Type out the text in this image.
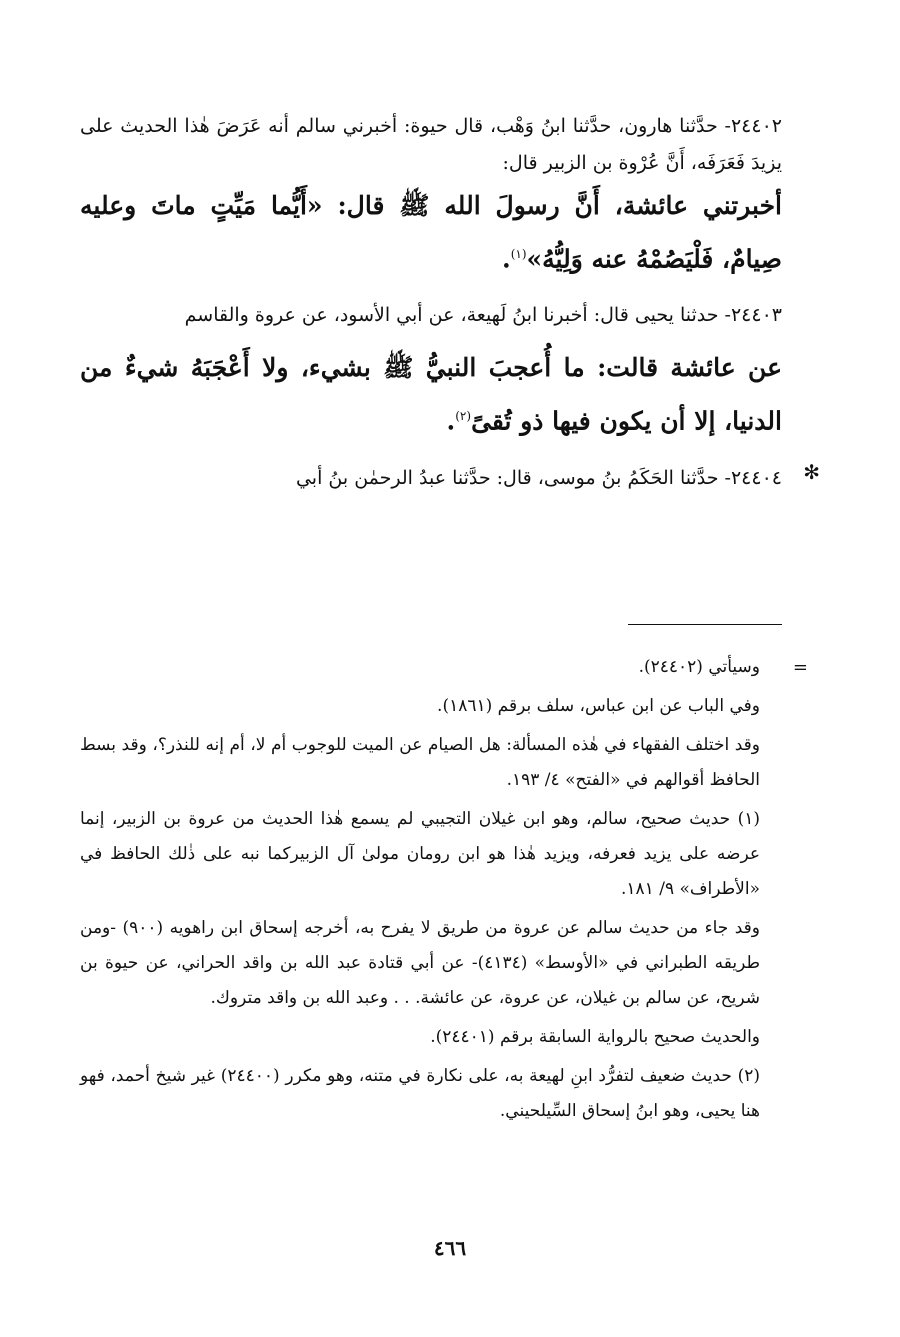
٢٤٤٠٢- حدَّثنا هارون، حدَّثنا ابنُ وَهْب، قال حيوة: أخبرني سالم أنه عَرَضَ هٰذا الحديث على يزيدَ فَعَرَفَه، أَنَّ عُرْوة بن الزبير قال:

أخبرتني عائشة، أَنَّ رسولَ الله ﷺ قال: «أَيُّما مَيِّتٍ ماتَ وعليه صِيامٌ، فَلْيَصُمْهُ عنه وَلِيُّهُ»$^{(١)}$.

٢٤٤٠٣- حدثنا يحيى قال: أخبرنا ابنُ لَهيعة، عن أبي الأسود، عن عروة والقاسم

عن عائشة قالت: ما أُعجبَ النبيُّ ﷺ بشيء، ولا أَعْجَبَهُ شيءٌ من الدنيا، إلا أن يكون فيها ذو تُقىً$^{(٢)}$.

✻

٢٤٤٠٤- حدَّثنا الحَكَمُ بنُ موسى، قال: حدَّثنا عبدُ الرحمٰن بنُ أبي

=

وسيأتي (٢٤٤٠٢).

وفي الباب عن ابن عباس، سلف برقم (١٨٦١).

وقد اختلف الفقهاء في هٰذه المسألة: هل الصيام عن الميت للوجوب أم لا، أم إنه للنذر؟، وقد بسط الحافظ أقوالهم في «الفتح» ٤/ ١٩٣.

(١) حديث صحيح، سالم، وهو ابن غيلان التجيبي لم يسمع هٰذا الحديث من عروة بن الزبير، إنما عرضه على يزيد فعرفه، ويزيد هٰذا هو ابن رومان مولىٰ آل الزبيركما نبه على ذٰلك الحافظ في «الأطراف» ٩/ ١٨١.

وقد جاء من حديث سالم عن عروة من طريق لا يفرح به، أخرجه إسحاق ابن راهويه (٩٠٠) -ومن طريقه الطبراني في «الأوسط» (٤١٣٤)- عن أبي قتادة عبد الله بن واقد الحراني، عن حيوة بن شريح، عن سالم بن غيلان، عن عروة، عن عائشة. . . وعبد الله بن واقد متروك.

والحديث صحيح بالرواية السابقة برقم (٢٤٤٠١).

(٢) حديث ضعيف لتفرُّد ابنِ لهيعة به، على نكارة في متنه، وهو مكرر (٢٤٤٠٠) غير شيخ أحمد، فهو هنا يحيى، وهو ابنُ إسحاق السِّيلحيني.

٤٦٦
